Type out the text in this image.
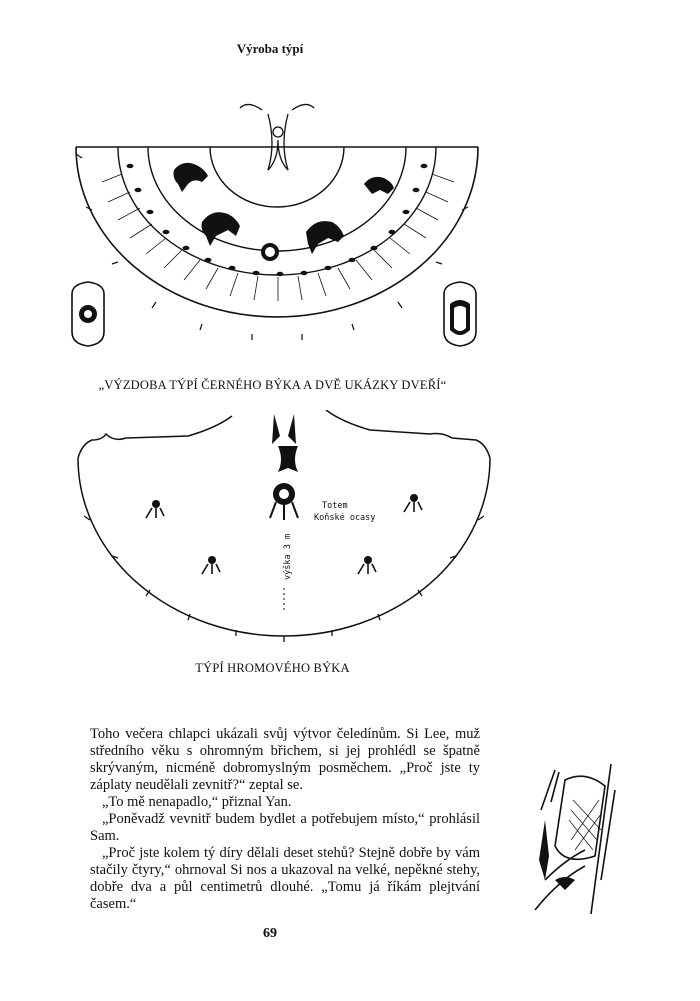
Výroba týpí
„VÝZDOBA TÝPÍ ČERNÉHO BÝKA A DVĚ UKÁZKY DVEŘÍ“
Totem
Koňské ocasy
výška 3 m
TÝPÍ HROMOVÉHO BÝKA

Toho večera chlapci ukázali svůj výtvor čeledínům. Si Lee, muž středního věku s ohromným břichem, si jej prohlédl se špatně skrývaným, nicméně dobromyslným posměchem. „Proč jste ty záplaty neudělali zevnitř?“ zeptal se.

„To mě nenapadlo,“ přiznal Yan.

„Poněvadž vevnitř budem bydlet a potřebujem místo,“ prohlásil Sam.

„Proč jste kolem tý díry dělali deset stehů? Stejně dobře by vám stačily čtyry,“ ohrnoval Si nos a ukazoval na velké, nepěkné stehy, dobře dva a půl centimetrů dlouhé. „Tomu já říkám plejtvání časem.“

69
